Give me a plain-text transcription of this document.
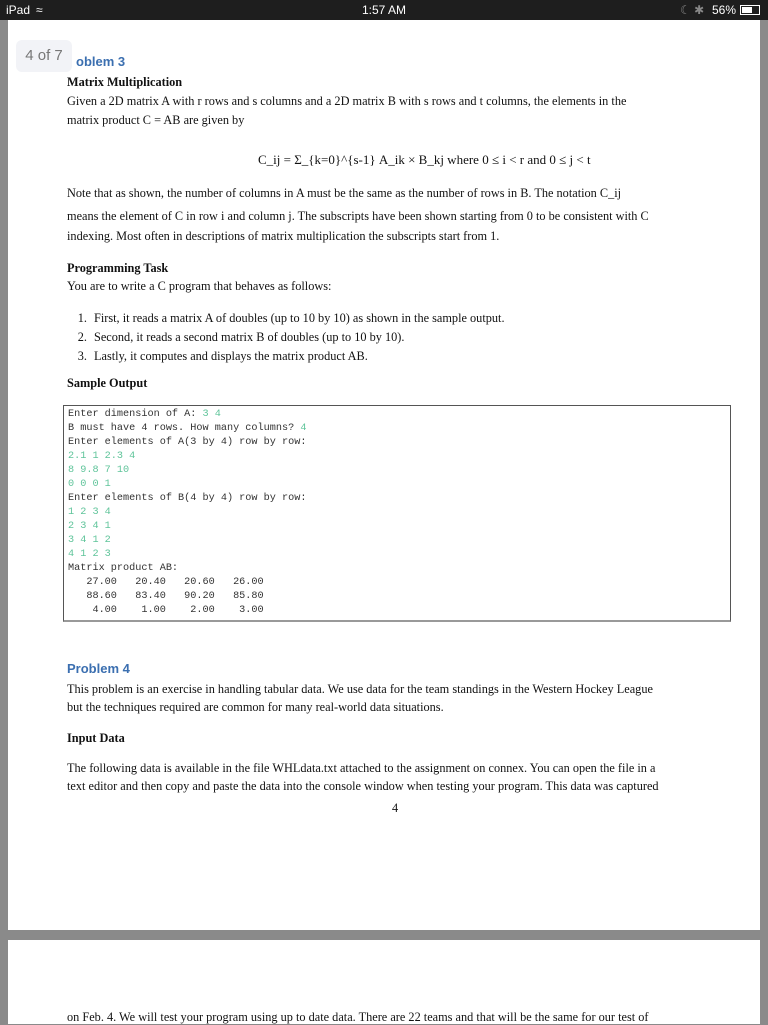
iPad ≈	1:57 AM	☾ ✱ 56%
4 of 7	oblem 3
Matrix Multiplication
Given a 2D matrix A with r rows and s columns and a 2D matrix B with s rows and t columns, the elements in the
matrix product C = AB are given by
C_ij = Σ_{k=0}^{s-1} A_ik × B_kj where 0 ≤ i < r and 0 ≤ j < t
Note that as shown, the number of columns in A must be the same as the number of rows in B. The notation C_ij
means the element of C in row i and column j. The subscripts have been shown starting from 0 to be consistent with C
indexing. Most often in descriptions of matrix multiplication the subscripts start from 1.
Programming Task
You are to write a C program that behaves as follows:
1. First, it reads a matrix A of doubles (up to 10 by 10) as shown in the sample output.
2. Second, it reads a second matrix B of doubles (up to 10 by 10).
3. Lastly, it computes and displays the matrix product AB.
Sample Output
Enter dimension of A: 3 4
B must have 4 rows. How many columns? 4
Enter elements of A(3 by 4) row by row:
2.1 1 2.3 4
8 9.8 7 10
0 0 0 1
Enter elements of B(4 by 4) row by row:
1 2 3 4
2 3 4 1
3 4 1 2
4 1 2 3
Matrix product AB:
27.00   20.40   20.60   26.00
88.60   83.40   90.20   85.80
4.00    1.00    2.00    3.00
Problem 4
This problem is an exercise in handling tabular data. We use data for the team standings in the Western Hockey League
but the techniques required are common for many real-world data situations.
Input Data
The following data is available in the file WHLdata.txt attached to the assignment on connex. You can open the file in a
text editor and then copy and paste the data into the console window when testing your program. This data was captured
4
on Feb. 4. We will test your program using up to date data. There are 22 teams and that will be the same for our test of
